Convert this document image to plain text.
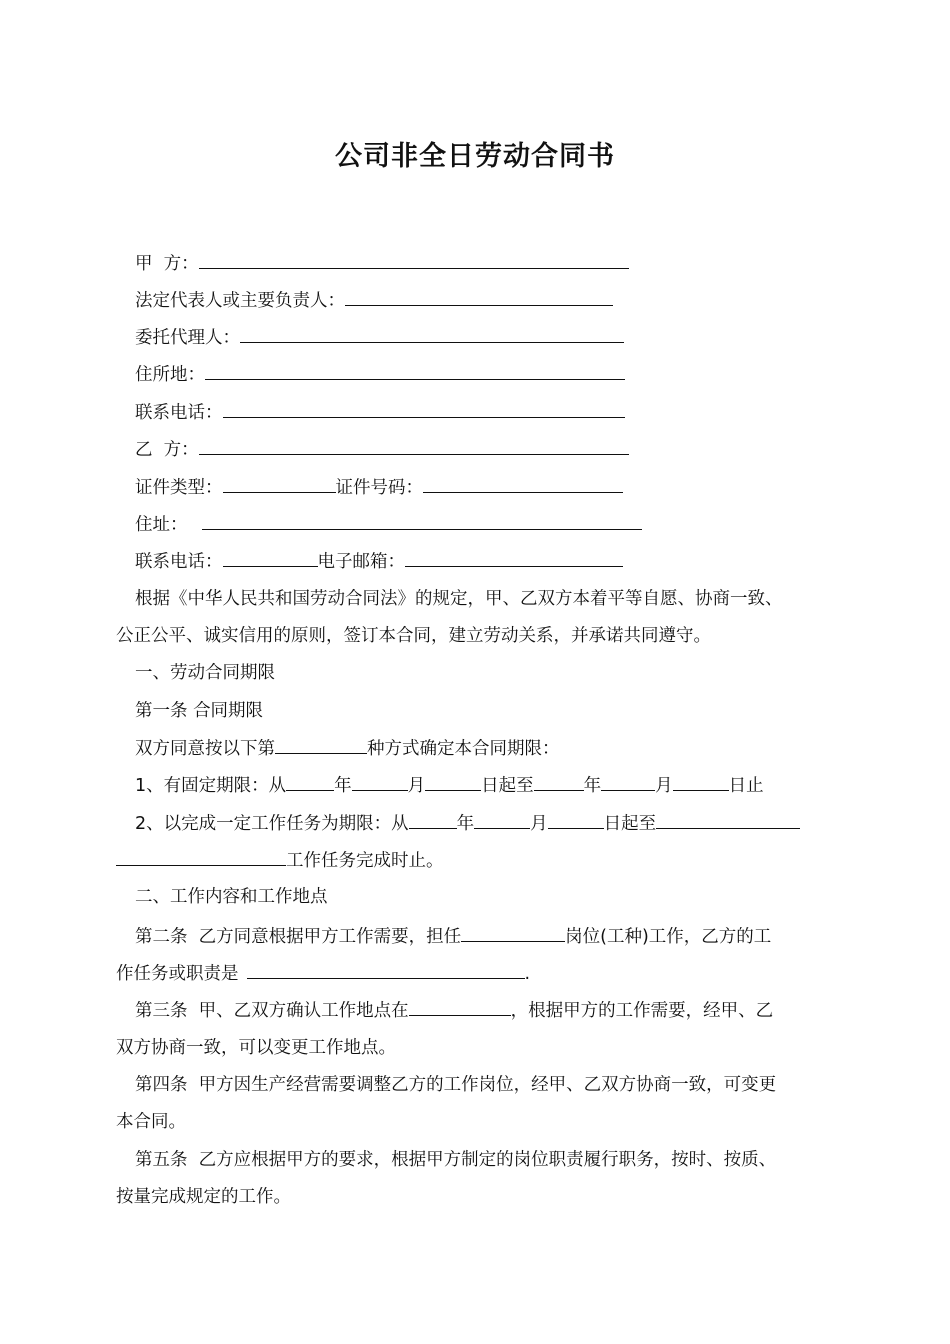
公司非全日劳动合同书
甲  方：
法定代表人或主要负责人：
委托代理人：
住所地：
联系电话：
乙  方：
证件类型：	证件号码：
住址：
联系电话：	电子邮箱：
根据《中华人民共和国劳动合同法》的规定，甲、乙双方本着平等自愿、协商一致、
公正公平、诚实信用的原则，签订本合同，建立劳动关系，并承诺共同遵守。
一、劳动合同期限
第一条 合同期限
双方同意按以下第	种方式确定本合同期限：
1、有固定期限：从	年	月	日起至	年	月	日止
2、以完成一定工作任务为期限：从	年	月	日起至
工作任务完成时止。
二、工作内容和工作地点
第二条  乙方同意根据甲方工作需要，担任	岗位(工种)工作，乙方的工
作任务或职责是	.
第三条  甲、乙双方确认工作地点在	，根据甲方的工作需要，经甲、乙
双方协商一致，可以变更工作地点。
第四条  甲方因生产经营需要调整乙方的工作岗位，经甲、乙双方协商一致，可变更
本合同。
第五条  乙方应根据甲方的要求，根据甲方制定的岗位职责履行职务，按时、按质、
按量完成规定的工作。
